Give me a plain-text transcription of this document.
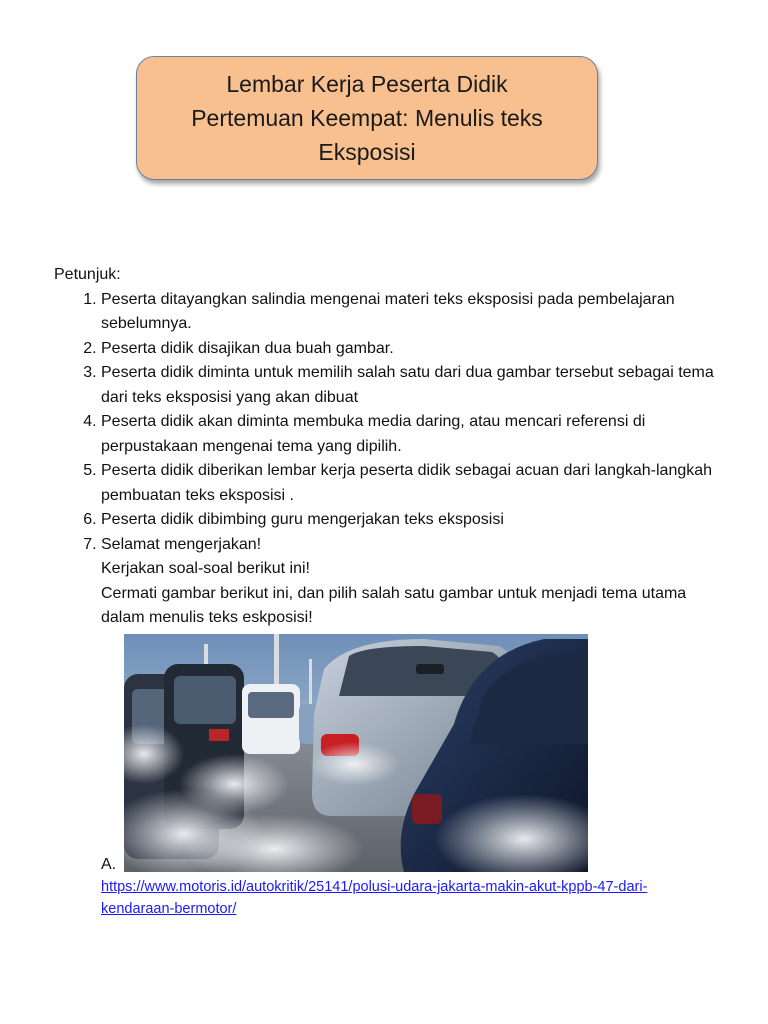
Lembar Kerja Peserta Didik
Pertemuan Keempat: Menulis teks
Eksposisi
Petunjuk:
1. Peserta ditayangkan salindia mengenai materi teks eksposisi pada pembelajaran sebelumnya.
2. Peserta didik disajikan dua buah gambar.
3. Peserta didik diminta untuk memilih salah satu dari dua gambar tersebut sebagai tema dari teks eksposisi yang akan dibuat
4. Peserta didik akan diminta membuka media daring, atau mencari referensi di perpustakaan mengenai tema yang dipilih.
5. Peserta didik diberikan lembar kerja peserta didik sebagai acuan dari langkah-langkah pembuatan teks eksposisi .
6. Peserta didik dibimbing guru mengerjakan teks eksposisi
7. Selamat mengerjakan!
Kerjakan soal-soal berikut ini!
Cermati gambar berikut ini, dan pilih salah satu gambar untuk menjadi tema utama dalam menulis teks eskposisi!
A.
https://www.motoris.id/autokritik/25141/polusi-udara-jakarta-makin-akut-kppb-47-dari-kendaraan-bermotor/
